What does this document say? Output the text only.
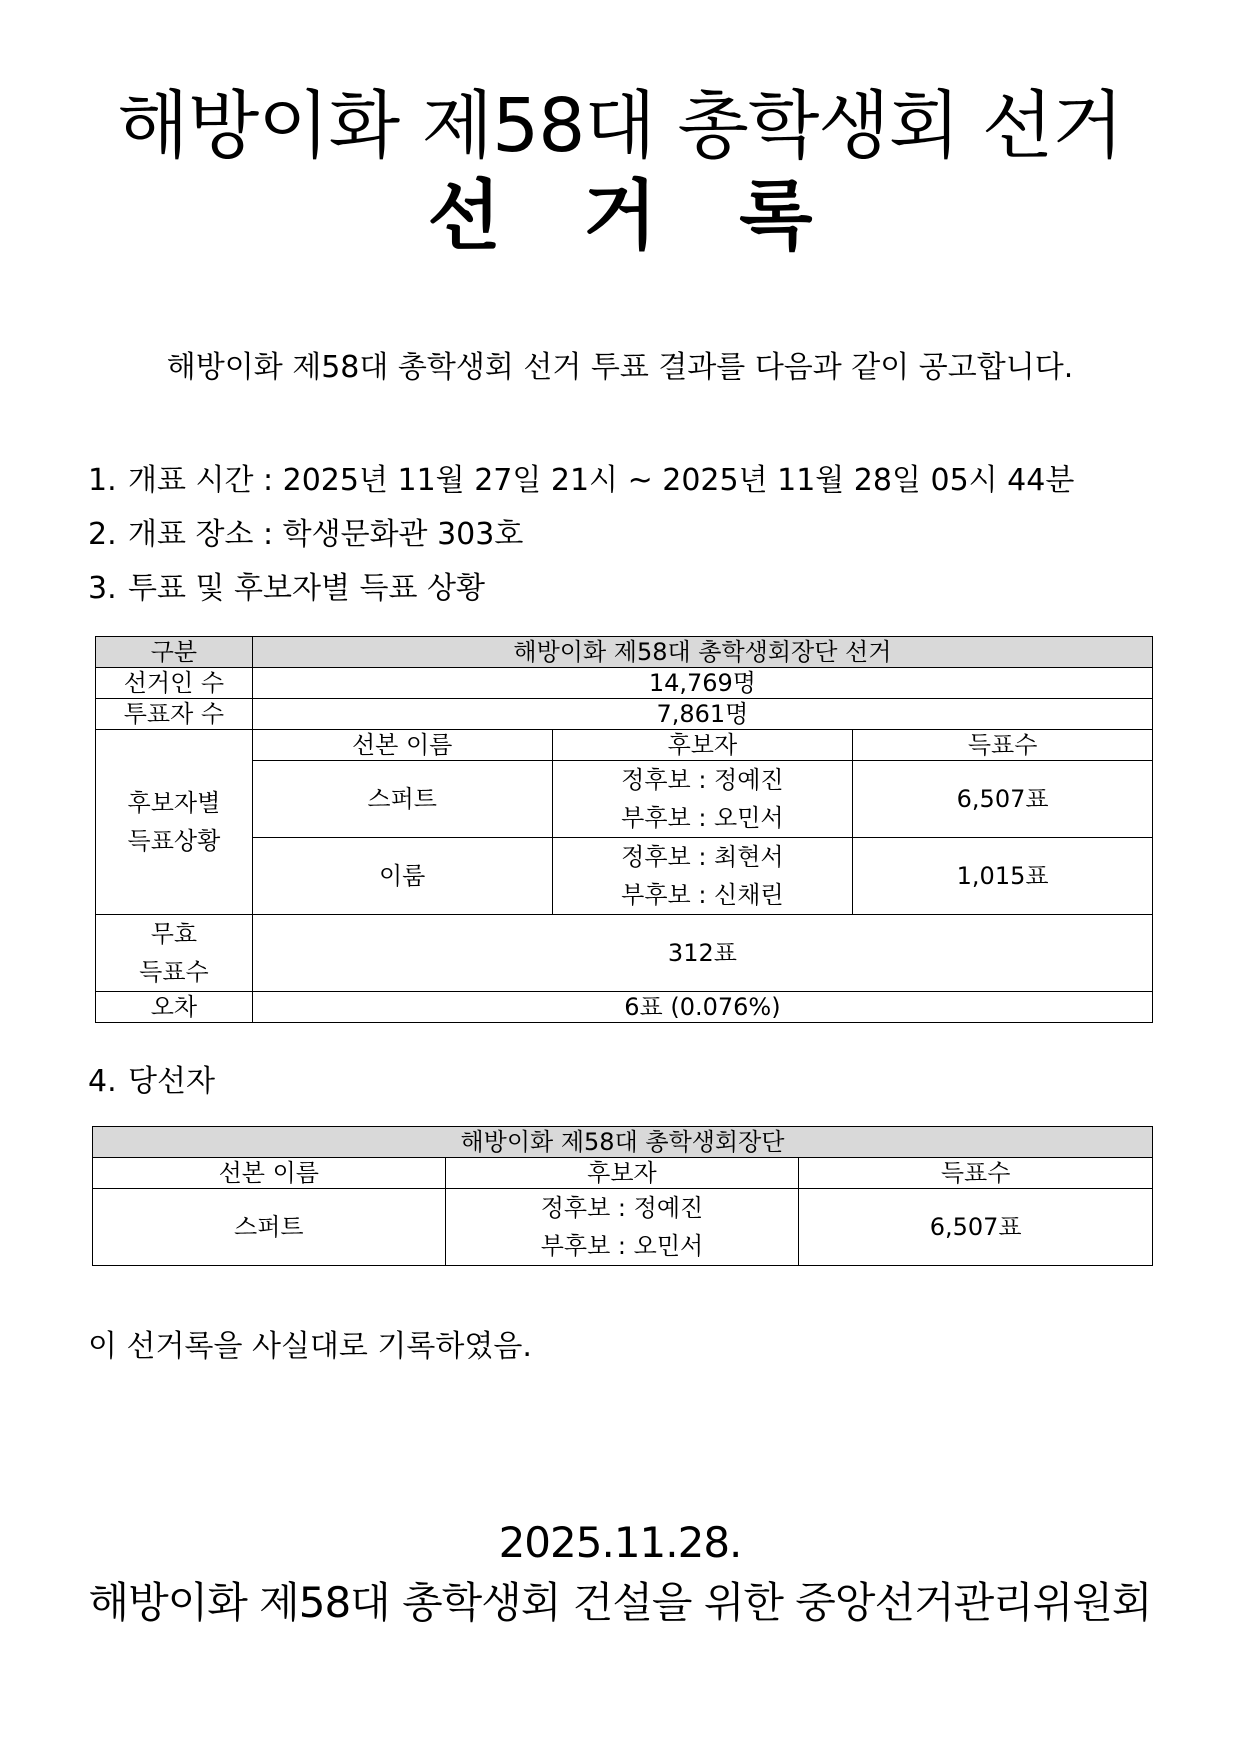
해방이화 제58대 총학생회 선거
선 거 록
해방이화 제58대 총학생회 선거 투표 결과를 다음과 같이 공고합니다.
1. 개표 시간 : 2025년 11월 27일 21시 ~ 2025년 11월 28일 05시 44분
2. 개표 장소 : 학생문화관 303호
3. 투표 및 후보자별 득표 상황
구분	해방이화 제58대 총학생회장단 선거		
선거인 수	14,769명		
투표자 수	7,861명		

후보자별
득표상황	선본 이름	후보자	득표수
	스퍼트	정후보 : 정예진
부후보 : 오민서	6,507표
	이룸	정후보 : 최현서
부후보 : 신채린	1,015표

무효
득표수	312표		
오차	6표 (0.076%)		
4. 당선자
해방이화 제58대 총학생회장단		
선본 이름	후보자	득표수
스퍼트	정후보 : 정예진
부후보 : 오민서	6,507표
이 선거록을 사실대로 기록하였음.
2025.11.28.
해방이화 제58대 총학생회 건설을 위한 중앙선거관리위원회
